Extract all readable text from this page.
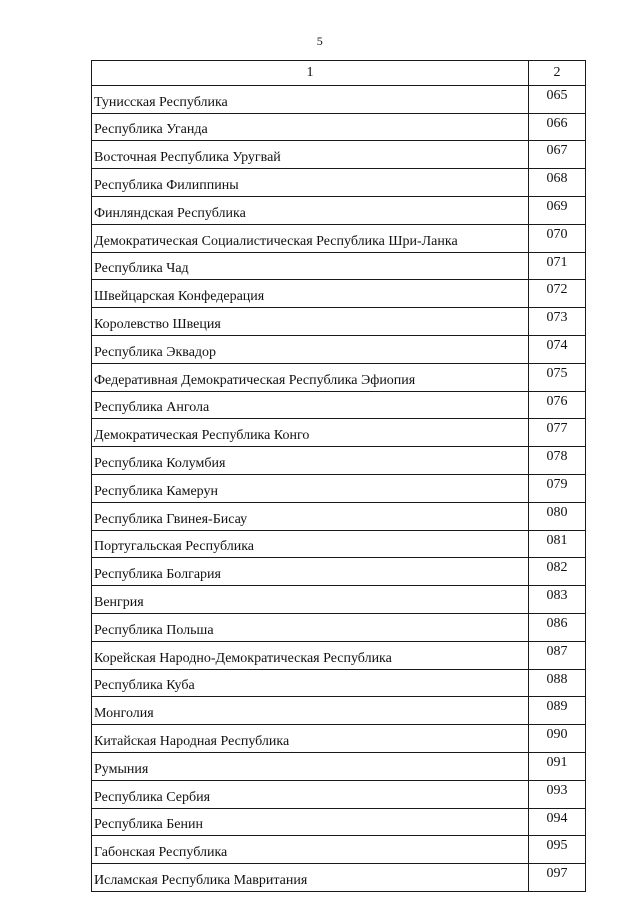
5
1	2
Тунисская Республика	065
Республика Уганда	066
Восточная Республика Уругвай	067
Республика Филиппины	068
Финляндская Республика	069
Демократическая Социалистическая Республика Шри-Ланка	070
Республика Чад	071
Швейцарская Конфедерация	072
Королевство Швеция	073
Республика Эквадор	074
Федеративная Демократическая Республика Эфиопия	075
Республика Ангола	076
Демократическая Республика Конго	077
Республика Колумбия	078
Республика Камерун	079
Республика Гвинея-Бисау	080
Португальская Республика	081
Республика Болгария	082
Венгрия	083
Республика Польша	086
Корейская Народно-Демократическая Республика	087
Республика Куба	088
Монголия	089
Китайская Народная Республика	090
Румыния	091
Республика Сербия	093
Республика Бенин	094
Габонская Республика	095
Исламская Республика Мавритания	097
